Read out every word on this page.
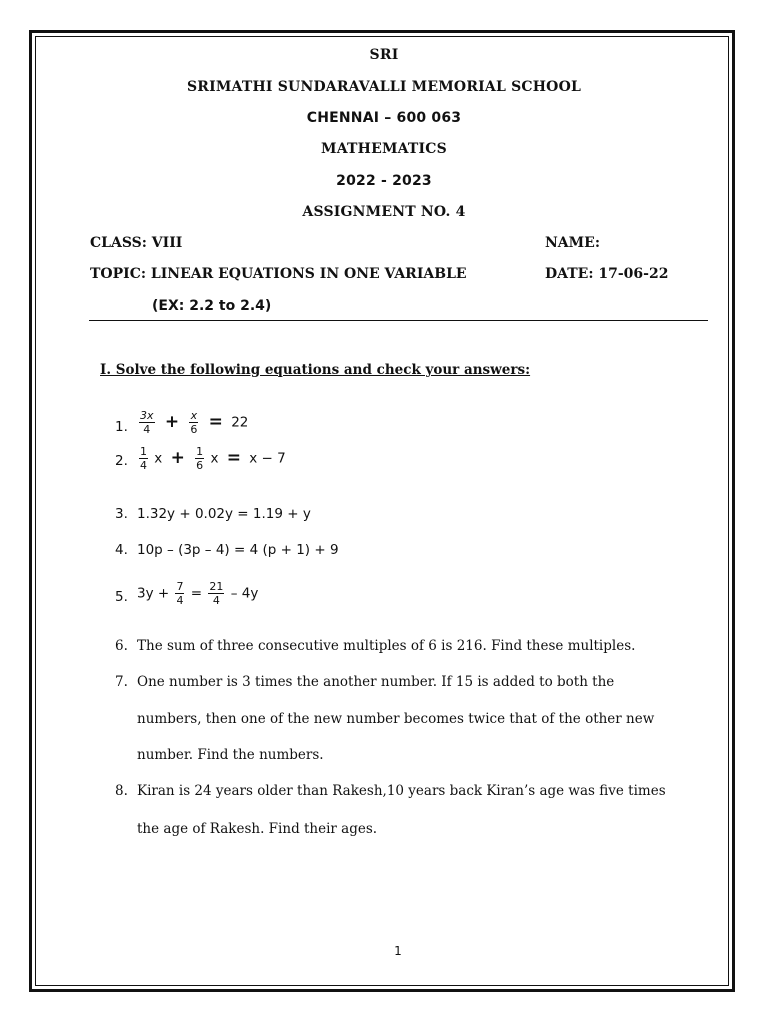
SRI
SRIMATHI SUNDARAVALLI MEMORIAL SCHOOL
CHENNAI – 600 063
MATHEMATICS
2022 - 2023
ASSIGNMENT NO. 4
CLASS: VIII	NAME:
TOPIC: LINEAR EQUATIONS IN ONE VARIABLE	DATE: 17-06-22
(EX: 2.2 to 2.4)
I. Solve the following equations and check your answers:
1. $\frac{3x}{4} + \frac{x}{6} = 22$
2. $\frac{1}{4}$ $x + \frac{1}{6}$ x = x − 7
3. 1.32y + 0.02y = 1.19 + y
4. 10p – (3p – 4) = 4 (p + 1) + 9
5. $3y + \frac{7}{4} = \frac{21}{4} - 4y$
6. The sum of three consecutive multiples of 6 is 216. Find these multiples.
7. One number is 3 times the another number. If 15 is added to both the
numbers, then one of the new number becomes twice that of the other new
number. Find the numbers.
8. Kiran is 24 years older than Rakesh,10 years back Kiran’s age was five times
the age of Rakesh. Find their ages.
1
